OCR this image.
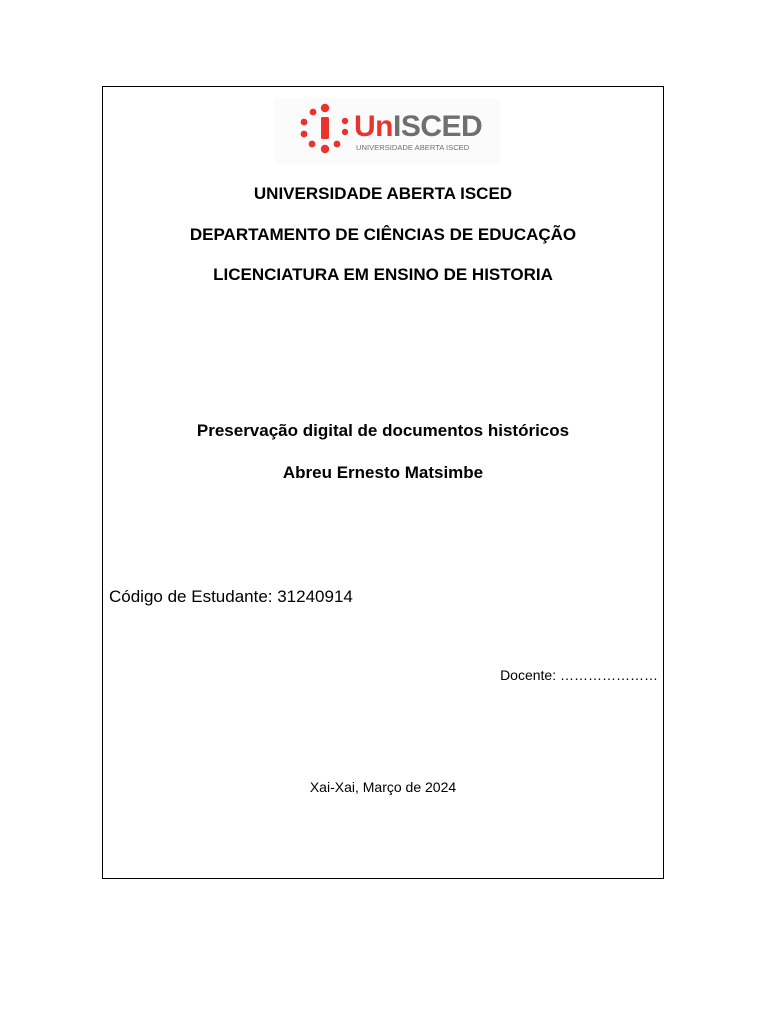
UnISCED
UNIVERSIDADE ABERTA ISCED
UNIVERSIDADE ABERTA ISCED
DEPARTAMENTO DE CIÊNCIAS DE EDUCAÇÃO
LICENCIATURA EM ENSINO DE HISTORIA
Preservação digital de documentos históricos
Abreu Ernesto Matsimbe
Código de Estudante: 31240914
Docente: …………………
Xai-Xai, Março de 2024
